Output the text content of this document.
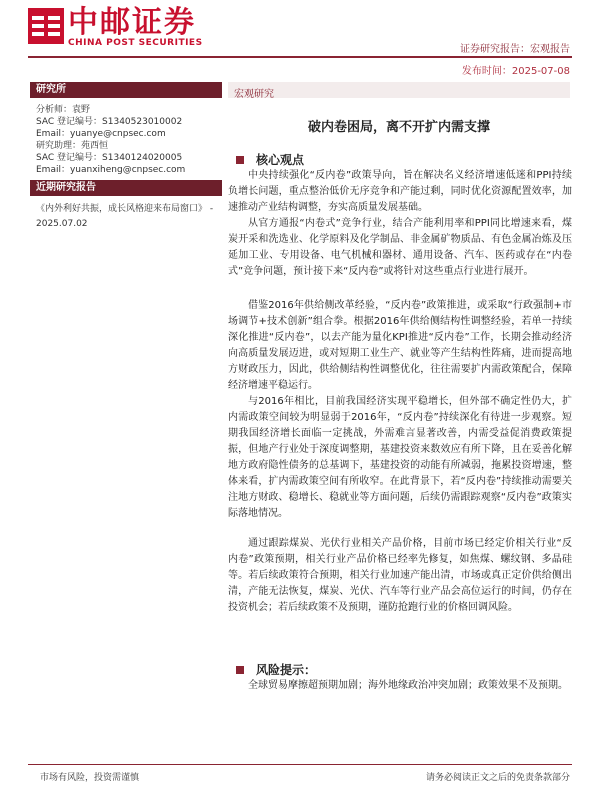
中邮证券
CHINA POST SECURITIES
证券研究报告：宏观报告
发布时间：2025-07-08
研究所
分析师：袁野
SAC 登记编号：S1340523010002
Email：yuanye@cnpsec.com
研究助理：苑西恒
SAC 登记编号：S1340124020005
Email：yuanxiheng@cnpsec.com
近期研究报告
《内外利好共振，成长风格迎来布局窗口》 - 2025.07.02
宏观研究
破内卷困局，离不开扩内需支撑
核心观点
中央持续强化“反内卷”政策导向，旨在解决名义经济增速低迷和PPI持续负增长问题，重点整治低价无序竞争和产能过剩，同时优化资源配置效率，加速推动产业结构调整，夯实高质量发展基础。
从官方通报“内卷式”竞争行业，结合产能利用率和PPI同比增速来看，煤炭开采和洗选业、化学原料及化学制品、非金属矿物质品、有色金属冶炼及压延加工业、专用设备、电气机械和器材、通用设备、汽车、医药或存在“内卷式”竞争问题，预计接下来“反内卷”或将针对这些重点行业进行展开。
借鉴2016年供给侧改革经验，“反内卷”政策推进，或采取“行政强制+市场调节+技术创新”组合拳。根据2016年供给侧结构性调整经验，若单一持续深化推进“反内卷”，以去产能为量化KPI推进“反内卷”工作，长期会推动经济向高质量发展迈进，或对短期工业生产、就业等产生结构性阵痛，进而提高地方财政压力，因此，供给侧结构性调整优化，往往需要扩内需政策配合，保障经济增速平稳运行。
与2016年相比，目前我国经济实现平稳增长，但外部不确定性仍大，扩内需政策空间较为明显弱于2016年，“反内卷”持续深化有待进一步观察。短期我国经济增长面临一定挑战，外需难言显著改善，内需受益促消费政策提振，但地产行业处于深度调整期，基建投资来数效应有所下降，且在妥善化解地方政府隐性债务的总基调下，基建投资的动能有所减弱，拖累投资增速，整体来看，扩内需政策空间有所收窄。在此背景下，若“反内卷”持续推动需要关注地方财政、稳增长、稳就业等方面问题，后续仍需跟踪观察“反内卷”政策实际落地情况。
通过跟踪煤炭、光伏行业相关产品价格，目前市场已经定价相关行业“反内卷”政策预期，相关行业产品价格已经率先修复，如焦煤、螺纹钢、多晶硅等。若后续政策符合预期，相关行业加速产能出清，市场或真正定价供给侧出清，产能无法恢复，煤炭、光伏、汽车等行业产品会高位运行的时间，仍存在投资机会；若后续政策不及预期，谨防抢跑行业的价格回调风险。
风险提示：
全球贸易摩擦超预期加剧；海外地缘政治冲突加剧；政策效果不及预期。
市场有风险，投资需谨慎	请务必阅读正文之后的免责条款部分
